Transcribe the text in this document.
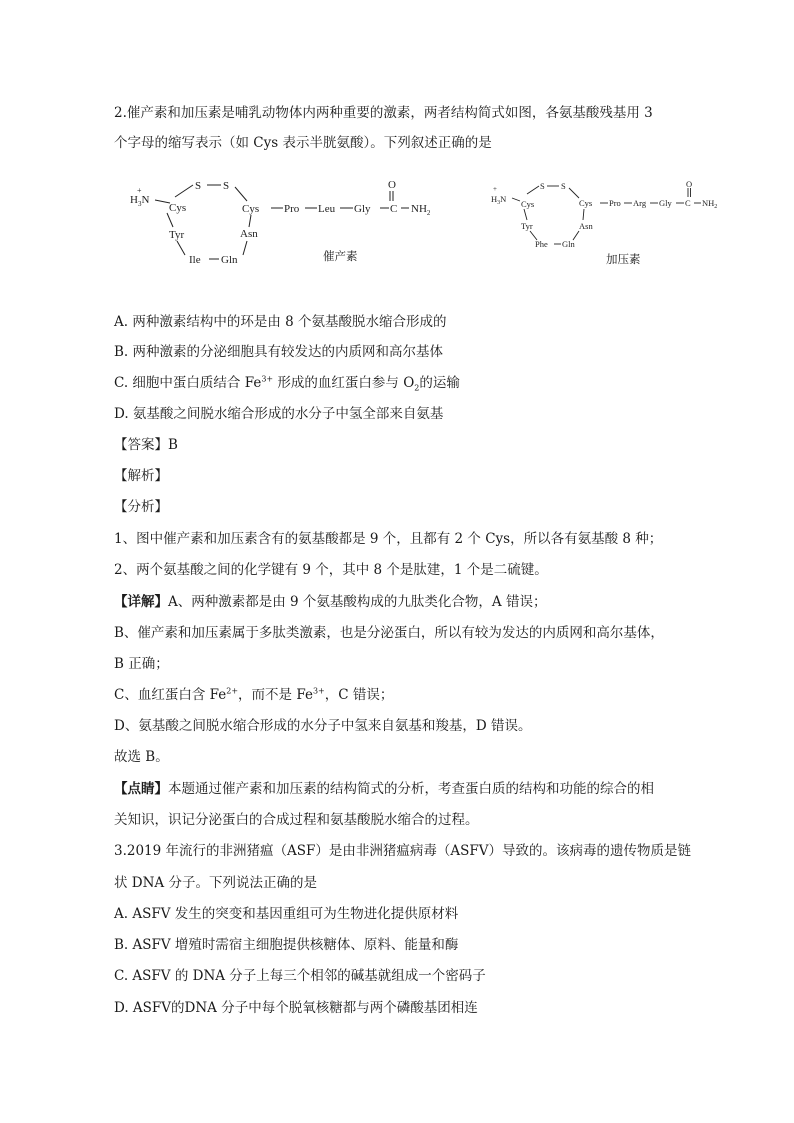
2.催产素和加压素是哺乳动物体内两种重要的激素，两者结构简式如图，各氨基酸残基用 3
个字母的缩写表示（如 Cys 表示半胱氨酸）。下列叙述正确的是
$H_3N$
+	S S
Cys	Cys
Asn
Gln
Ile
Tyr
Pro Leu Gly C
O
$NH_2$
催产素
$H_3N$
+	S S
Cys	Cys
Asn
Gln
Phe
Tyr
Pro Arg Gly C
O
$NH_2$
加压素
A. 两种激素结构中的环是由 8 个氨基酸脱水缩合形成的
B. 两种激素的分泌细胞具有较发达的内质网和高尔基体
C. 细胞中蛋白质结合 $Fe^{3+}$ 形成的血红蛋白参与 $O_2$的运输
D. 氨基酸之间脱水缩合形成的水分子中氢全部来自氨基
【答案】B
【解析】
【分析】
1、图中催产素和加压素含有的氨基酸都是 9 个，且都有 2 个 Cys，所以各有氨基酸 8 种；
2、两个氨基酸之间的化学键有 9 个，其中 8 个是肽建，1 个是二硫键。
【详解】A、两种激素都是由 9 个氨基酸构成的九肽类化合物，A 错误；
B、催产素和加压素属于多肽类激素，也是分泌蛋白，所以有较为发达的内质网和高尔基体，
B 正确；
C、血红蛋白含 $Fe^{2+}$，而不是 $Fe^{3+}$，C 错误；
D、氨基酸之间脱水缩合形成的水分子中氢来自氨基和羧基，D 错误。
故选 B。
【点睛】本题通过催产素和加压素的结构简式的分析，考查蛋白质的结构和功能的综合的相
关知识，识记分泌蛋白的合成过程和氨基酸脱水缩合的过程。
3.2019 年流行的非洲猪瘟（ASF）是由非洲猪瘟病毒（ASFV）导致的。该病毒的遗传物质是链
状 DNA 分子。下列说法正确的是
A. ASFV 发生的突变和基因重组可为生物进化提供原材料
B. ASFV 增殖时需宿主细胞提供核糖体、原料、能量和酶
C. ASFV 的 DNA 分子上每三个相邻的碱基就组成一个密码子
D. ASFV的DNA 分子中每个脱氧核糖都与两个磷酸基团相连
